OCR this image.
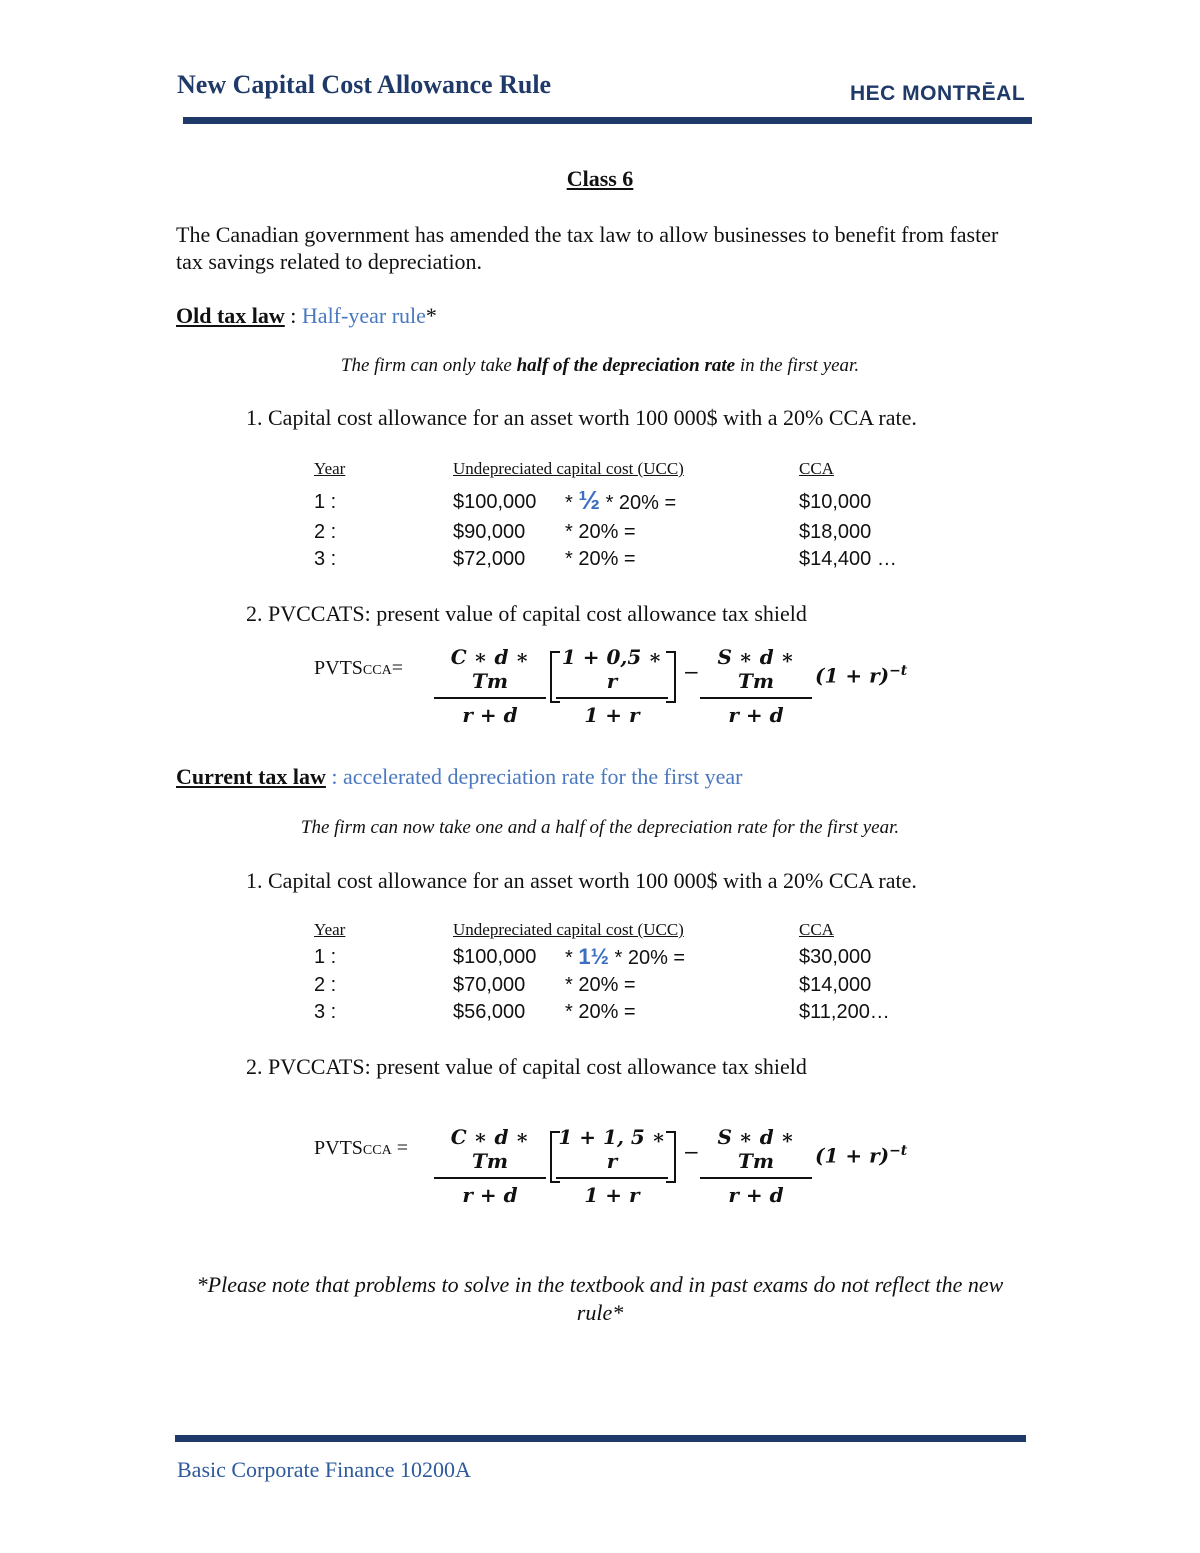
New Capital Cost Allowance Rule	HEC MONTRĒAL
Class 6
The Canadian government has amended the tax law to allow businesses to benefit from faster tax savings related to depreciation.
Old tax law : Half-year rule*
The firm can only take half of the depreciation rate in the first year.
1. Capital cost allowance for an asset worth 100 000$ with a 20% CCA rate.
Year	Undepreciated capital cost (UCC)	CCA
1 :	$100,000 * ½ * 20% =	$10,000
2 :	$90,000 * 20% =	$18,000
3 :	$72,000 * 20% =	$14,400 …
2. PVCCATS: present value of capital cost allowance tax shield
PVTSCCA= $\frac{C ∗ d ∗ Tm}{r + d} \frac{1 + 0,5 ∗ r}{1 + r} - \frac{S ∗ d ∗ Tm}{r + d} (1 + r)^{-t}$
Current tax law : accelerated depreciation rate for the first year
The firm can now take one and a half of the depreciation rate for the first year.
1. Capital cost allowance for an asset worth 100 000$ with a 20% CCA rate.
Year	Undepreciated capital cost (UCC)	CCA
1 :	$100,000 * 1½ * 20% =	$30,000
2 :	$70,000 * 20% =	$14,000
3 :	$56,000 * 20% =	$11,200…
2. PVCCATS: present value of capital cost allowance tax shield
PVTSCCA = $\frac{C ∗ d ∗ Tm}{r + d} \frac{1 + 1, 5 ∗ r}{1 + r} - \frac{S ∗ d ∗ Tm}{r + d} (1 + r)^{-t}$
*Please note that problems to solve in the textbook and in past exams do not reflect the new rule*
Basic Corporate Finance 10200A
